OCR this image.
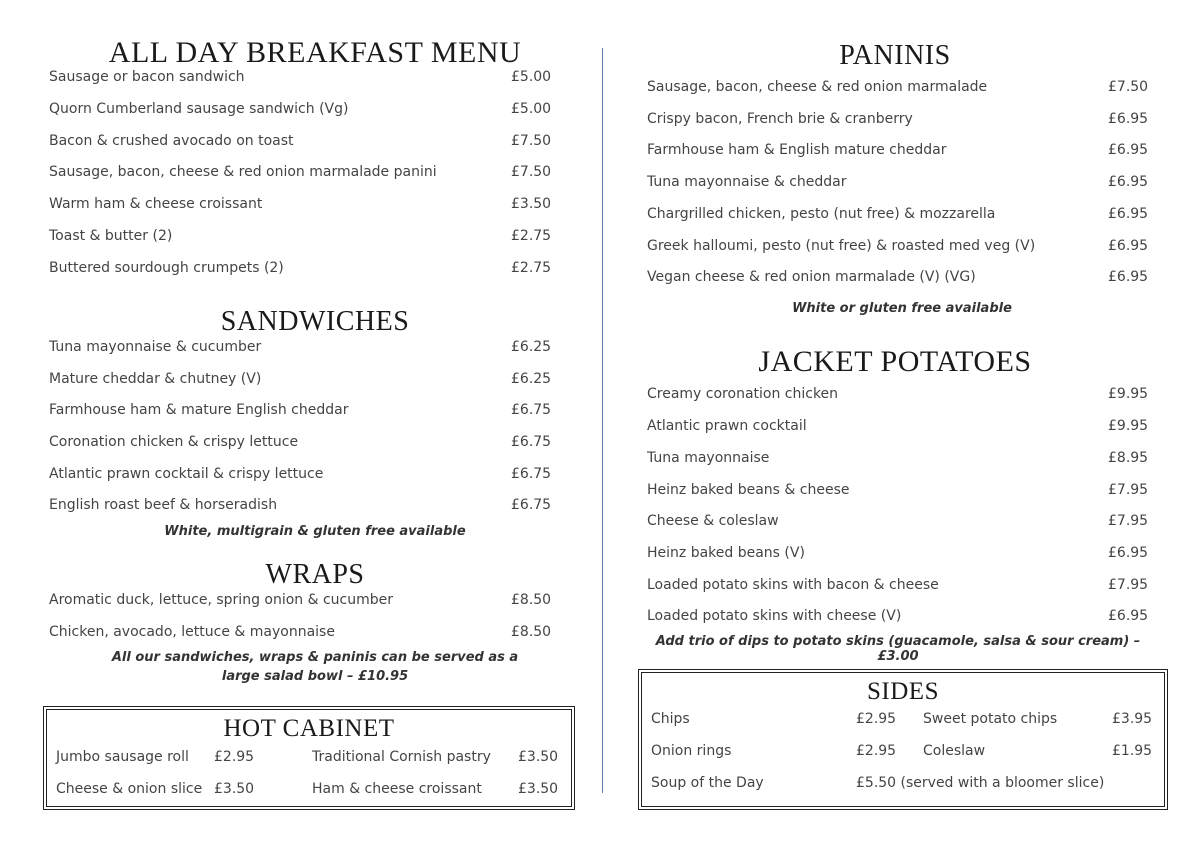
ALL DAY BREAKFAST MENU
Sausage or bacon sandwich	£5.00
Quorn Cumberland sausage sandwich (Vg)	£5.00
Bacon & crushed avocado on toast	£7.50
Sausage, bacon, cheese & red onion marmalade panini	£7.50
Warm ham & cheese croissant	£3.50
Toast & butter (2)	£2.75
Buttered sourdough crumpets (2)	£2.75
SANDWICHES
Tuna mayonnaise & cucumber	£6.25
Mature cheddar & chutney (V)	£6.25
Farmhouse ham & mature English cheddar	£6.75
Coronation chicken & crispy lettuce	£6.75
Atlantic prawn cocktail & crispy lettuce	£6.75
English roast beef & horseradish	£6.75

White, multigrain & gluten free available

WRAPS
Aromatic duck, lettuce, spring onion & cucumber	£8.50
Chicken, avocado, lettuce & mayonnaise	£8.50

All our sandwiches, wraps & paninis can be served as a

large salad bowl – £10.95

HOT CABINET
Jumbo sausage roll £2.95	Traditional Cornish pastry £3.50
Cheese & onion slice £3.50	Ham & cheese croissant	£3.50
PANINIS
Sausage, bacon, cheese & red onion marmalade	£7.50
Crispy bacon, French brie & cranberry	£6.95
Farmhouse ham & English mature cheddar	£6.95
Tuna mayonnaise & cheddar	£6.95
Chargrilled chicken, pesto (nut free) & mozzarella	£6.95
Greek halloumi, pesto (nut free) & roasted med veg (V)	£6.95
Vegan cheese & red onion marmalade (V) (VG)	£6.95

White or gluten free available

JACKET POTATOES
Creamy coronation chicken	£9.95
Atlantic prawn cocktail	£9.95
Tuna mayonnaise	£8.95
Heinz baked beans & cheese	£7.95
Cheese & coleslaw	£7.95
Heinz baked beans (V)	£6.95
Loaded potato skins with bacon & cheese	£7.95
Loaded potato skins with cheese (V)	£6.95

Add trio of dips to potato skins (guacamole, salsa & sour cream) – £3.00

SIDES
Chips	£2.95 Sweet potato chips	£3.95
Onion rings	£2.95 Coleslaw	£1.95
Soup of the Day	£5.50 (served with a bloomer slice)
